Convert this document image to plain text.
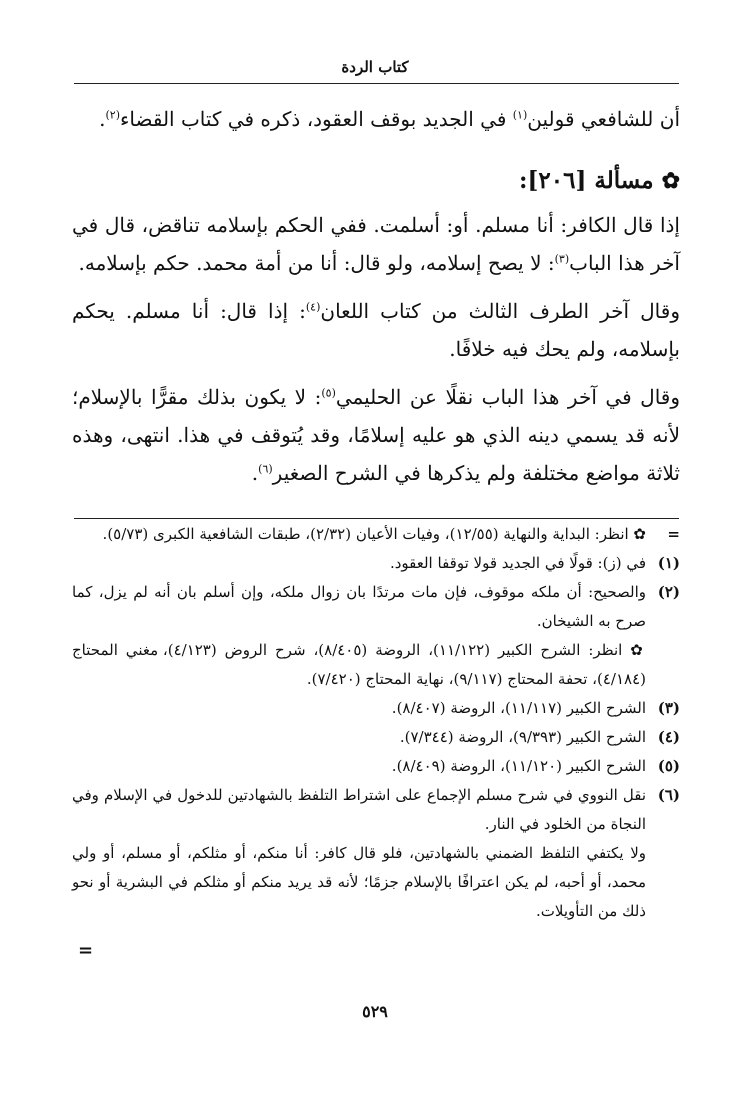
كتاب الردة

أن للشافعي قولين$^{(١)}$ في الجديد بوقف العقود، ذكره في كتاب القضاء$^{(٢)}$.

✿
مسألة [٢٠٦]:

إذا قال الكافر: أنا مسلم. أو: أسلمت. ففي الحكم بإسلامه تناقض، قال في آخر هذا الباب$^{(٣)}$: لا يصح إسلامه، ولو قال: أنا من أمة محمد. حكم بإسلامه.

وقال آخر الطرف الثالث من كتاب اللعان$^{(٤)}$: إذا قال: أنا مسلم. يحكم بإسلامه، ولم يحك فيه خلافًا.

وقال في آخر هذا الباب نقلًا عن الحليمي$^{(٥)}$: لا يكون بذلك مقرًّا بالإسلام؛ لأنه قد يسمي دينه الذي هو عليه إسلامًا، وقد يُتوقف في هذا. انتهى، وهذه ثلاثة مواضع مختلفة ولم يذكرها في الشرح الصغير$^{(٦)}$.

=
✿ انظر: البداية والنهاية (١٢/٥٥)، وفيات الأعيان (٢/٣٢)، طبقات الشافعية الكبرى (٥/٧٣).
(١)
في (ز): قولًا في الجديد قولا توقفا العقود.
(٢)
والصحيح: أن ملكه موقوف، فإن مات مرتدًا بان زوال ملكه، وإن أسلم بان أنه لم يزل، كما صرح به الشيخان.
✿ انظر: الشرح الكبير (١١/١٢٢)، الروضة (٨/٤٠٥)، شرح الروض (٤/١٢٣)، مغني المحتاج (٤/١٨٤)، تحفة المحتاج (٩/١١٧)، نهاية المحتاج (٧/٤٢٠).
(٣)
الشرح الكبير (١١/١١٧)، الروضة (٨/٤٠٧).
(٤)
الشرح الكبير (٩/٣٩٣)، الروضة (٧/٣٤٤).
(٥)
الشرح الكبير (١١/١٢٠)، الروضة (٨/٤٠٩).
(٦)
نقل النووي في شرح مسلم الإجماع على اشتراط التلفظ بالشهادتين للدخول في الإسلام وفي النجاة من الخلود في النار.
ولا يكتفي التلفظ الضمني بالشهادتين، فلو قال كافر: أنا منكم، أو مثلكم، أو مسلم، أو ولي محمد، أو أحبه، لم يكن اعترافًا بالإسلام جزمًا؛ لأنه قد يريد منكم أو مثلكم في البشرية أو نحو ذلك من التأويلات.
=
٥٢٩
